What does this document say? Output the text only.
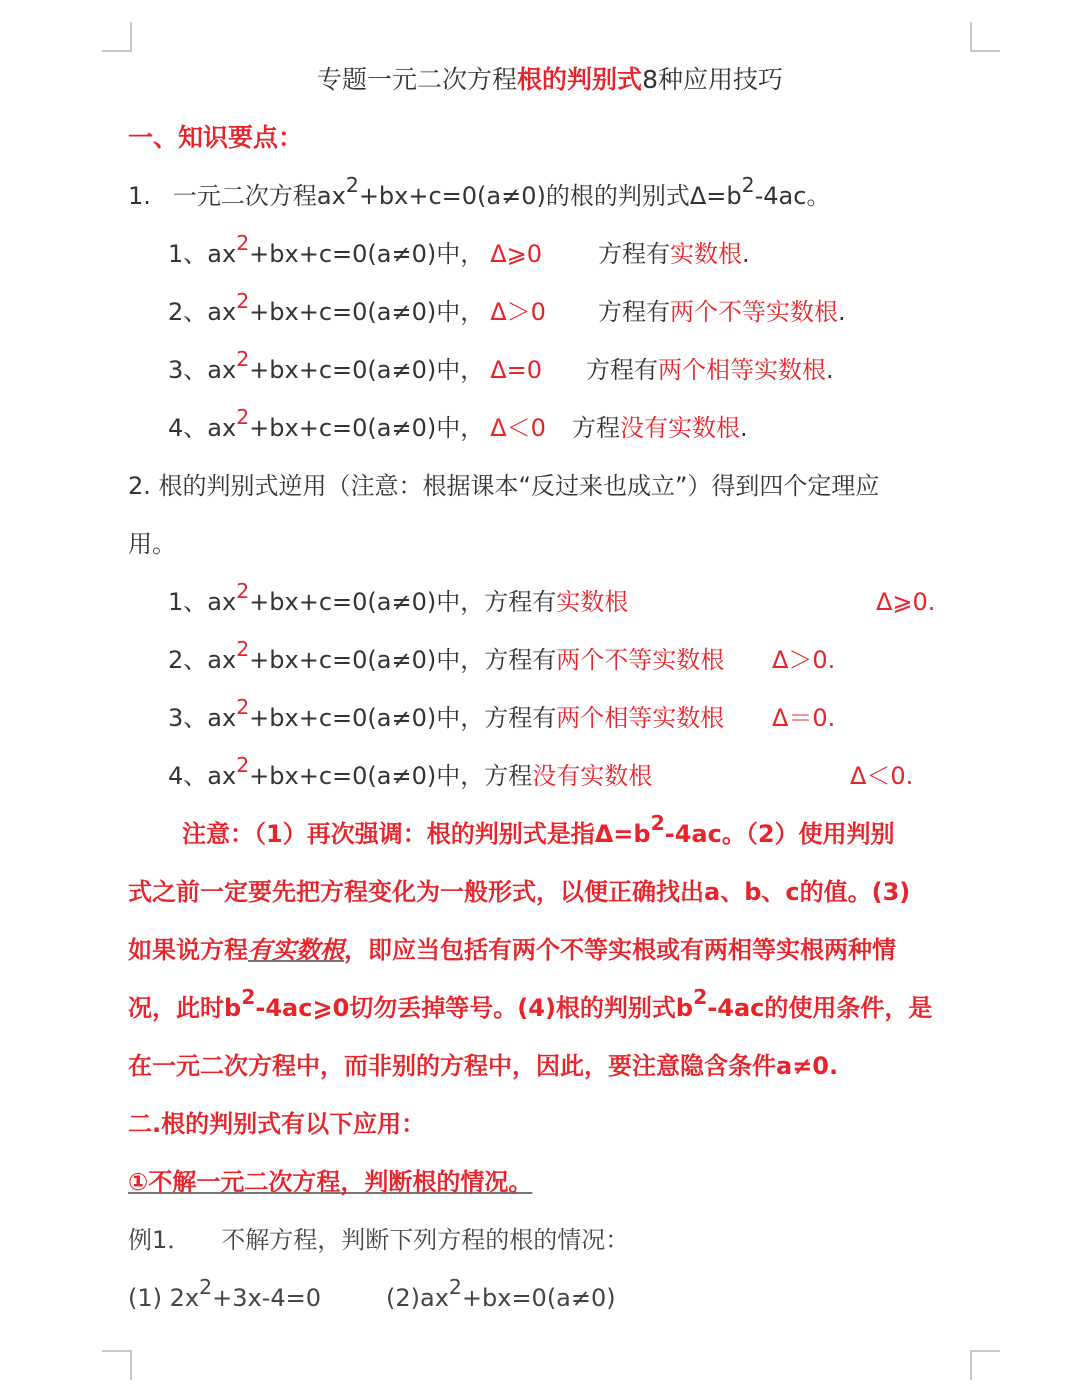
专题一元二次方程根的判别式8种应用技巧
一、知识要点：
1. 一元二次方程$ax^2+bx+c=0(a\ne 0)$的根的判别式$\Delta=b^2-4ac$。
1、$ax^2+bx+c=0(a\ne 0)$中， Δ⩾0 方程有实数根.
2、$ax^2+bx+c=0(a\ne 0)$中， Δ＞0 方程有两个不等实数根.
3、$ax^2+bx+c=0(a\ne 0)$中， Δ=0 方程有两个相等实数根.
4、$ax^2+bx+c=0(a\ne 0)$中， Δ＜0 方程没有实数根.
2. 根的判别式逆用（注意：根据课本“反过来也成立”）得到四个定理应
用。
1、$ax^2+bx+c=0(a\ne 0)$中，方程有实数根	Δ⩾0.
2、$ax^2+bx+c=0(a\ne 0)$中，方程有两个不等实数根 Δ＞0.
3、$ax^2+bx+c=0(a\ne 0)$中，方程有两个相等实数根 Δ＝0.
4、$ax^2+bx+c=0(a\ne 0)$中，方程没有实数根	Δ＜0.
注意：（1）再次强调：根的判别式是指$\Delta=b^2-4ac$。（2）使用判别
式之前一定要先把方程变化为一般形式，以便正确找出a、b、c的值。(3)
如果说方程有实数根，即应当包括有两个不等实根或有两相等实根两种情
况，此时$b^2-4ac⩾0$切勿丢掉等号。(4)根的判别式$b^2-4ac$的使用条件，是
在一元二次方程中，而非别的方程中，因此，要注意隐含条件a≠0.
二.根的判别式有以下应用：
①不解一元二次方程，判断根的情况。
例1． 不解方程，判断下列方程的根的情况：
(1) $2x^2+3x-4=0$	$(2)ax^2+bx=0(a\ne 0)$
